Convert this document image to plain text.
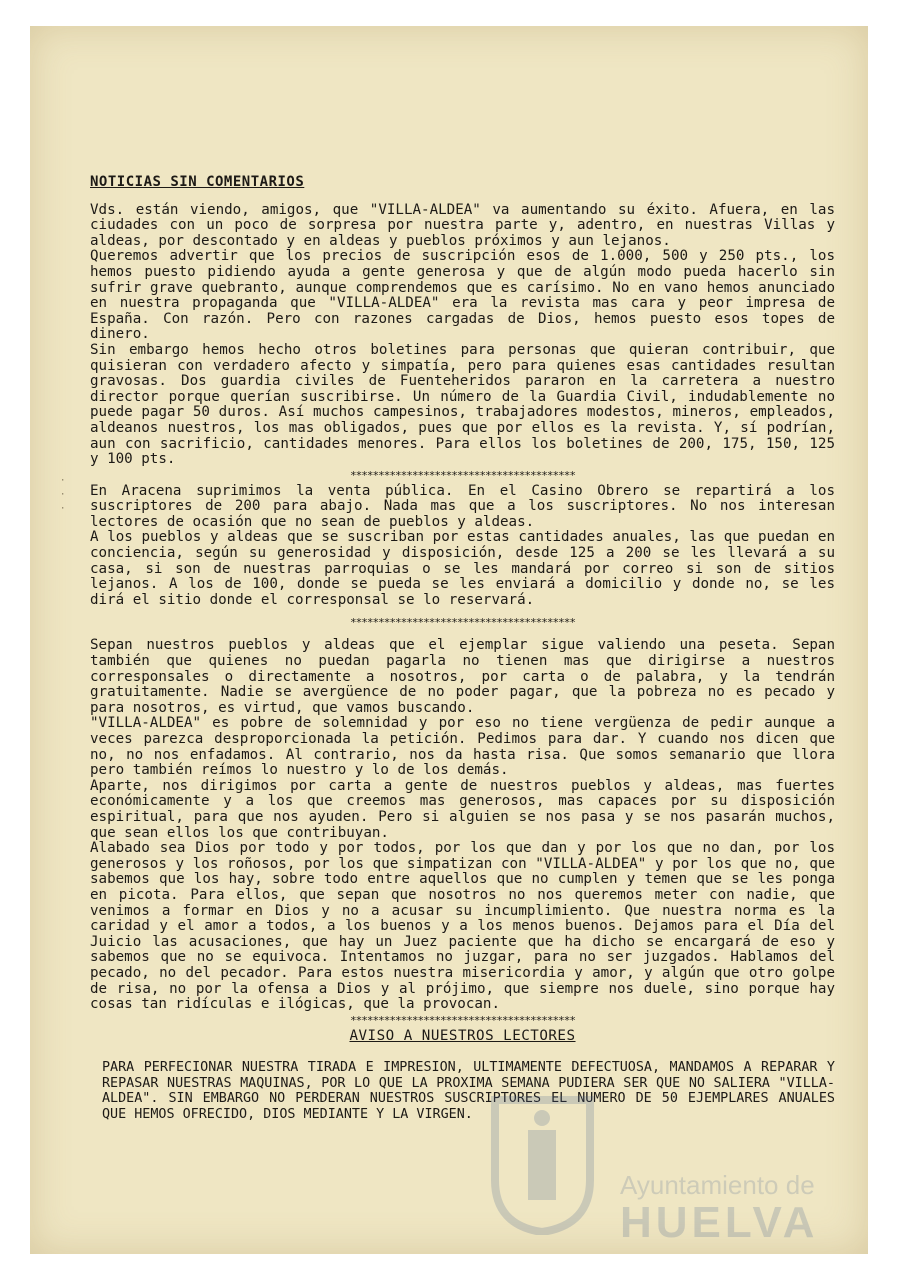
·
·
·
NOTICIAS SIN COMENTARIOS

Vds. están viendo, amigos, que "VILLA-ALDEA" va aumentando su éxito. Afuera, en las ciudades con un poco de sorpresa por nuestra parte y, adentro, en nuestras Villas y aldeas, por descontado y en aldeas y pueblos próximos y aun lejanos.

Queremos advertir que los precios de suscripción esos de 1.000, 500 y 250 pts., los hemos puesto pidiendo ayuda a gente generosa y que de algún modo pueda hacerlo sin sufrir grave quebranto, aunque comprendemos que es carísimo. No en vano hemos anunciado en nuestra propaganda que "VILLA-ALDEA" era la revista mas cara y peor impresa de España. Con razón. Pero con razones cargadas de Dios, hemos puesto esos topes de dinero.

Sin embargo hemos hecho otros boletines para personas que quieran contribuir, que quisieran con verdadero afecto y simpatía, pero para quienes esas cantidades resultan gravosas. Dos guardia civiles de Fuenteheridos pararon en la carretera a nuestro director porque querían suscribirse. Un número de la Guardia Civil, indudablemente no puede pagar 50 duros. Así muchos campesinos, trabajadores modestos, mineros, empleados, aldeanos nuestros, los mas obligados, pues que por ellos es la revista. Y, sí podrían, aun con sacrificio, cantidades menores. Para ellos los boletines de 200, 175, 150, 125 y 100 pts.

****************************************

En Aracena suprimimos la venta pública. En el Casino Obrero se repartirá a los suscriptores de 200 para abajo. Nada mas que a los suscriptores. No nos interesan lectores de ocasión que no sean de pueblos y aldeas.

A los pueblos y aldeas que se suscriban por estas cantidades anuales, las que puedan en conciencia, según su generosidad y disposición, desde 125 a 200 se les llevará a su casa, si son de nuestras parroquias o se les mandará por correo si son de sitios lejanos. A los de 100, donde se pueda se les enviará a domicilio y donde no, se les dirá el sitio donde el corresponsal se lo reservará.

****************************************

Sepan nuestros pueblos y aldeas que el ejemplar sigue valiendo una peseta. Sepan también que quienes no puedan pagarla no tienen mas que dirigirse a nuestros corresponsales o directamente a nosotros, por carta o de palabra, y la tendrán gratuitamente. Nadie se avergüence de no poder pagar, que la pobreza no es pecado y para nosotros, es virtud, que vamos buscando.

"VILLA-ALDEA" es pobre de solemnidad y por eso no tiene vergüenza de pedir aunque a veces parezca desproporcionada la petición. Pedimos para dar. Y cuando nos dicen que no, no nos enfadamos. Al contrario, nos da hasta risa. Que somos semanario que llora pero también reímos lo nuestro y lo de los demás.

Aparte, nos dirigimos por carta a gente de nuestros pueblos y aldeas, mas fuertes económicamente y a los que creemos mas generosos, mas capaces por su disposición espiritual, para que nos ayuden. Pero si alguien se nos pasa y se nos pasarán muchos, que sean ellos los que contribuyan.

Alabado sea Dios por todo y por todos, por los que dan y por los que no dan, por los generosos y los roñosos, por los que simpatizan con "VILLA-ALDEA" y por los que no, que sabemos que los hay, sobre todo entre aquellos que no cumplen y temen que se les ponga en picota. Para ellos, que sepan que nosotros no nos queremos meter con nadie, que venimos a formar en Dios y no a acusar su incumplimiento. Que nuestra norma es la caridad y el amor a todos, a los buenos y a los menos buenos. Dejamos para el Día del Juicio las acusaciones, que hay un Juez paciente que ha dicho se encargará de eso y sabemos que no se equivoca. Intentamos no juzgar, para no ser juzgados. Hablamos del pecado, no del pecador. Para estos nuestra misericordia y amor, y algún que otro golpe de risa, no por la ofensa a Dios y al prójimo, que siempre nos duele, sino porque hay cosas tan ridículas e ilógicas, que la provocan.

****************************************
AVISO A NUESTROS LECTORES

PARA PERFECIONAR NUESTRA TIRADA E IMPRESION, ULTIMAMENTE DEFECTUOSA, MANDAMOS A REPARAR Y REPASAR NUESTRAS MAQUINAS, POR LO QUE LA PROXIMA SEMANA PUDIERA SER QUE NO SALIERA "VILLA-ALDEA". SIN EMBARGO NO PERDERAN NUESTROS SUSCRIPTORES EL NUMERO DE 50 EJEMPLARES ANUALES QUE HEMOS OFRECIDO, DIOS MEDIANTE Y LA VIRGEN.

Ayuntamiento de
HUELVA
